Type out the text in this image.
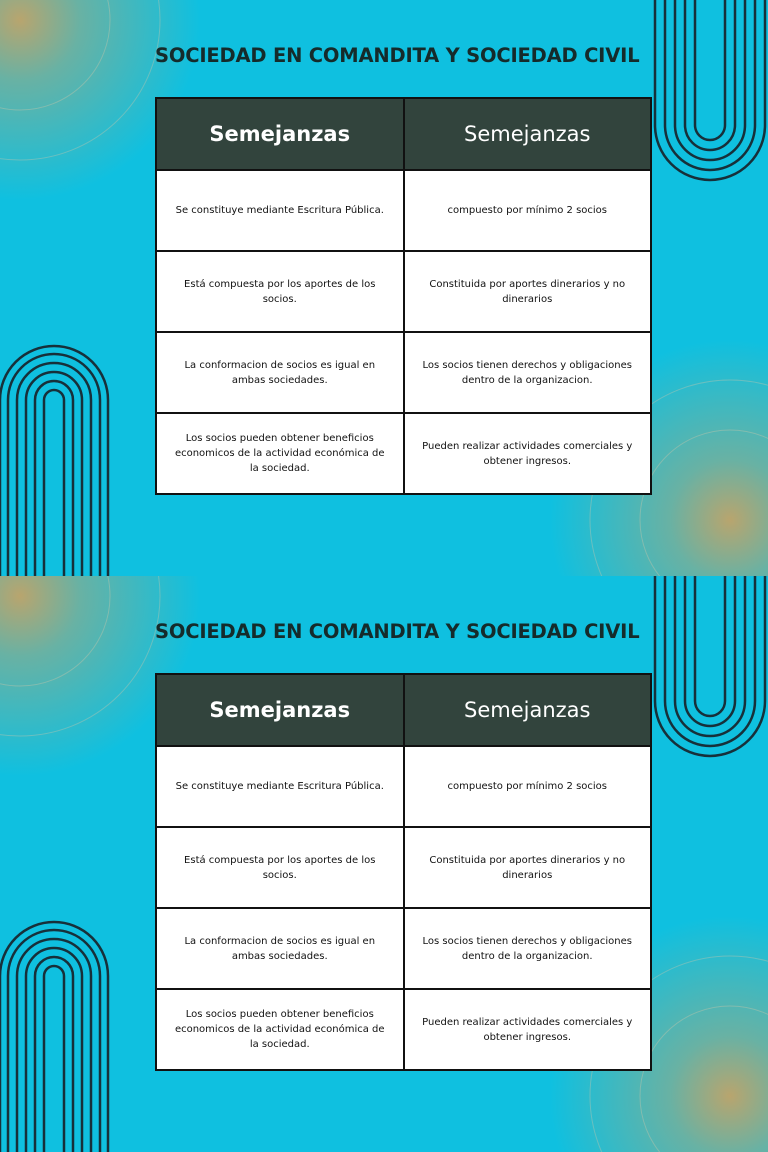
SOCIEDAD EN COMANDITA Y SOCIEDAD CIVIL
Semejanzas	Semejanzas
Se constituye mediante Escritura Pública.	compuesto por mínimo 2 socios
Está compuesta por los aportes de los socios.	Constituida por aportes dinerarios y no dinerarios
La conformacion de socios es igual en ambas sociedades.	Los socios tienen derechos y obligaciones dentro de la organizacion.
Los socios pueden obtener beneficios economicos de la actividad económica de la sociedad.	Pueden realizar actividades comerciales y obtener ingresos.
SOCIEDAD EN COMANDITA Y SOCIEDAD CIVIL
Semejanzas	Semejanzas
Se constituye mediante Escritura Pública.	compuesto por mínimo 2 socios
Está compuesta por los aportes de los socios.	Constituida por aportes dinerarios y no dinerarios
La conformacion de socios es igual en ambas sociedades.	Los socios tienen derechos y obligaciones dentro de la organizacion.
Los socios pueden obtener beneficios economicos de la actividad económica de la sociedad.	Pueden realizar actividades comerciales y obtener ingresos.
